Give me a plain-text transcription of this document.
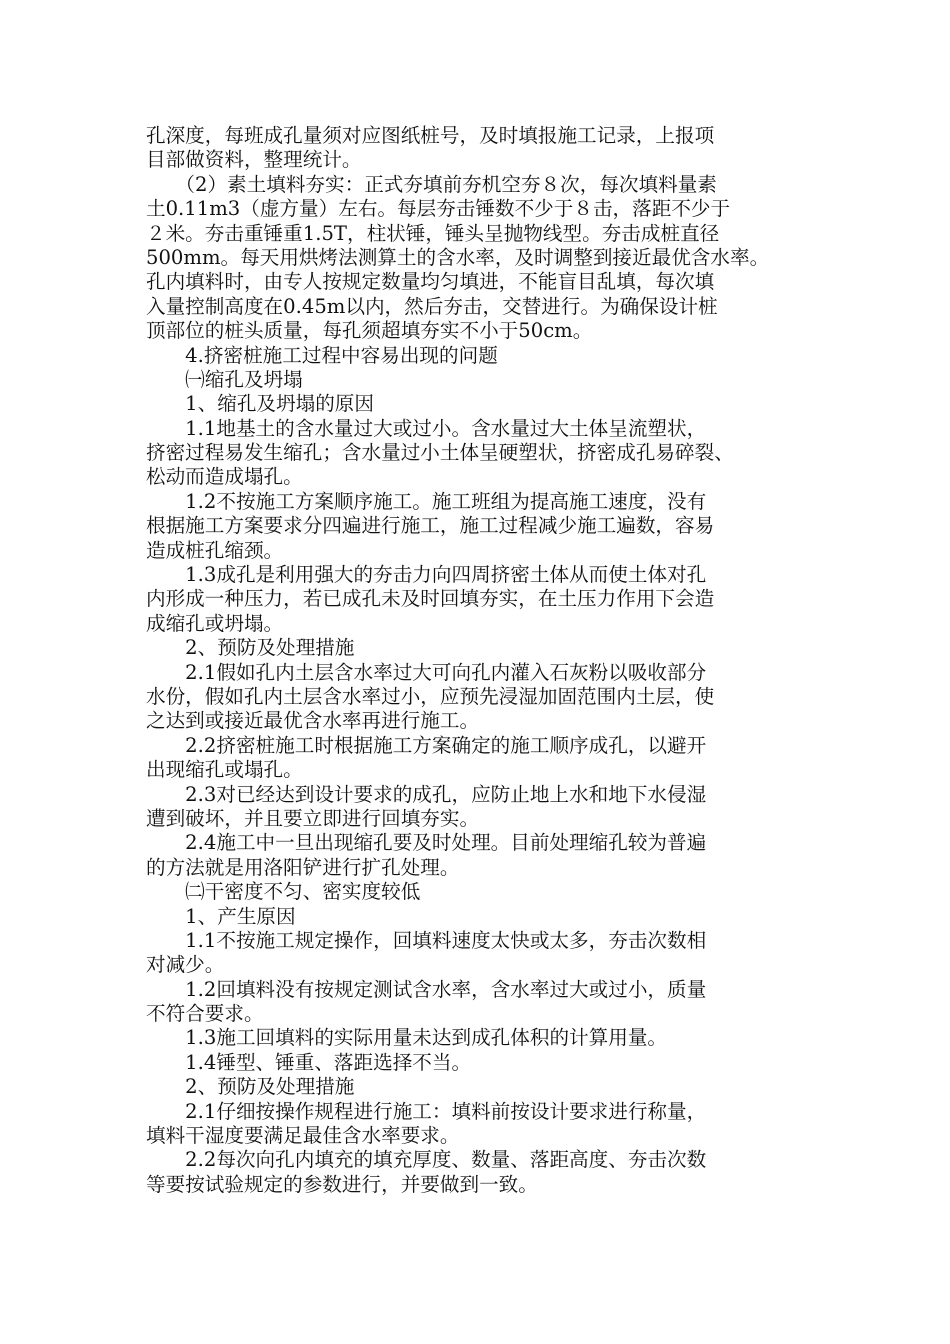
孔深度，每班成孔量须对应图纸桩号，及时填报施工记录，上报项
目部做资料，整理统计。
　　（2）素土填料夯实：正式夯填前夯机空夯８次，每次填料量素
土0.11m3（虚方量）左右。每层夯击锤数不少于８击，落距不少于
２米。夯击重锤重1.5T，柱状锤，锤头呈抛物线型。夯击成桩直径
500mm。每天用烘烤法测算土的含水率，及时调整到接近最优含水率。
孔内填料时，由专人按规定数量均匀填进，不能盲目乱填，每次填
入量控制高度在0.45m以内，然后夯击，交替进行。为确保设计桩
顶部位的桩头质量，每孔须超填夯实不小于50cm。
　　4.挤密桩施工过程中容易出现的问题
　　㈠缩孔及坍塌
　　1、缩孔及坍塌的原因
　　1.1地基土的含水量过大或过小。含水量过大土体呈流塑状，
挤密过程易发生缩孔；含水量过小土体呈硬塑状，挤密成孔易碎裂、
松动而造成塌孔。
　　1.2不按施工方案顺序施工。施工班组为提高施工速度，没有
根据施工方案要求分四遍进行施工，施工过程减少施工遍数，容易
造成桩孔缩颈。
　　1.3成孔是利用强大的夯击力向四周挤密土体从而使土体对孔
内形成一种压力，若已成孔未及时回填夯实，在土压力作用下会造
成缩孔或坍塌。
　　2、预防及处理措施
　　2.1假如孔内土层含水率过大可向孔内灌入石灰粉以吸收部分
水份，假如孔内土层含水率过小，应预先浸湿加固范围内土层，使
之达到或接近最优含水率再进行施工。
　　2.2挤密桩施工时根据施工方案确定的施工顺序成孔，以避开
出现缩孔或塌孔。
　　2.3对已经达到设计要求的成孔，应防止地上水和地下水侵湿
遭到破坏，并且要立即进行回填夯实。
　　2.4施工中一旦出现缩孔要及时处理。目前处理缩孔较为普遍
的方法就是用洛阳铲进行扩孔处理。
　　㈡干密度不匀、密实度较低
　　1、产生原因
　　1.1不按施工规定操作，回填料速度太快或太多，夯击次数相
对减少。
　　1.2回填料没有按规定测试含水率，含水率过大或过小，质量
不符合要求。
　　1.3施工回填料的实际用量未达到成孔体积的计算用量。
　　1.4锤型、锤重、落距选择不当。
　　2、预防及处理措施
　　2.1仔细按操作规程进行施工：填料前按设计要求进行称量，
填料干湿度要满足最佳含水率要求。
　　2.2每次向孔内填充的填充厚度、数量、落距高度、夯击次数
等要按试验规定的参数进行，并要做到一致。
